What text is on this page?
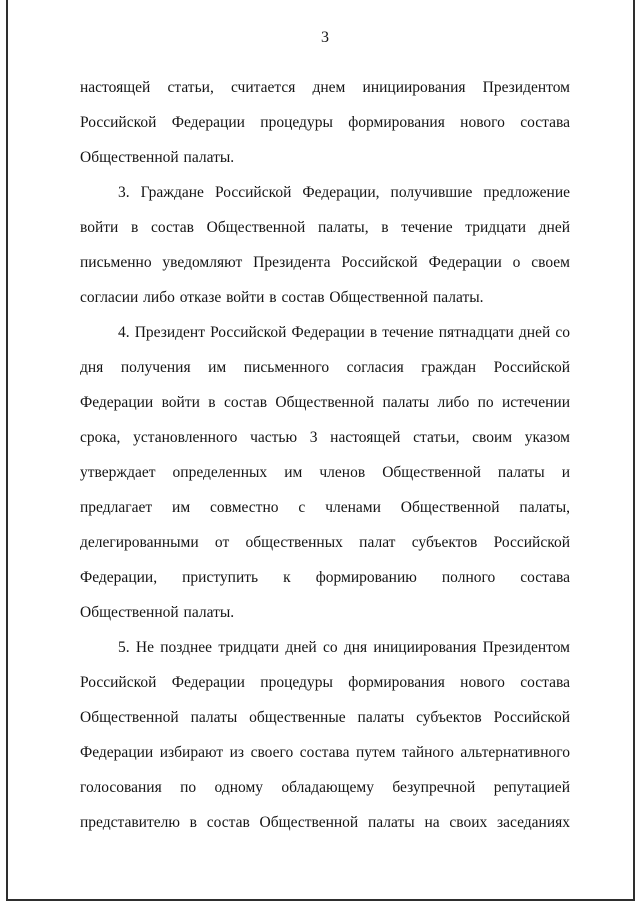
3

настоящей статьи, считается днем инициирования Президентом Российской Федерации процедуры формирования нового состава Общественной палаты.

3. Граждане Российской Федерации, получившие предложение войти в состав Общественной палаты, в течение тридцати дней письменно уведомляют Президента Российской Федерации о своем согласии либо отказе войти в состав Общественной палаты.

4. Президент Российской Федерации в течение пятнадцати дней со дня получения им письменного согласия граждан Российской Федерации войти в состав Общественной палаты либо по истечении срока, установленного частью 3 настоящей статьи, своим указом утверждает определенных им членов Общественной палаты и предлагает им совместно с членами Общественной палаты, делегированными от общественных палат субъектов Российской Федерации, приступить к формированию полного состава Общественной палаты.

5. Не позднее тридцати дней со дня инициирования Президентом Российской Федерации процедуры формирования нового состава Общественной палаты общественные палаты субъектов Российской Федерации избирают из своего состава путем тайного альтернативного голосования по одному обладающему безупречной репутацией представителю в состав Общественной палаты на своих заседаниях
